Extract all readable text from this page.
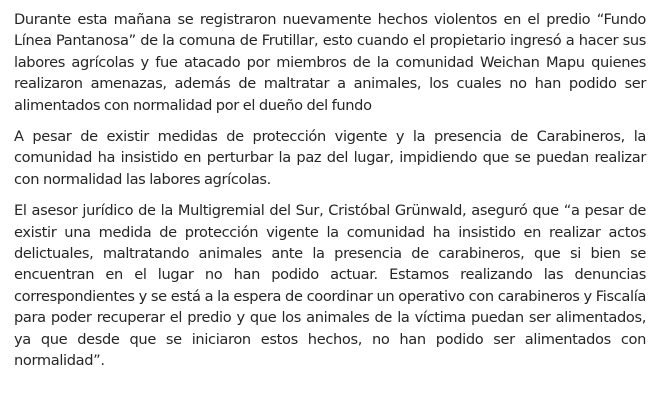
Durante esta mañana se registraron nuevamente hechos violentos en el predio “Fundo Línea Pantanosa” de la comuna de Frutillar, esto cuando el propietario ingresó a hacer sus labores agrícolas y fue atacado por miembros de la comunidad Weichan Mapu quienes realizaron amenazas, además de maltratar a animales, los cuales no han podido ser alimentados con normalidad por el dueño del fundo

A pesar de existir medidas de protección vigente y la presencia de Carabineros, la comunidad ha insistido en perturbar la paz del lugar, impidiendo que se puedan realizar con normalidad las labores agrícolas.

El asesor jurídico de la Multigremial del Sur, Cristóbal Grünwald, aseguró que “a pesar de existir una medida de protección vigente la comunidad ha insistido en realizar actos delictuales, maltratando animales ante la presencia de carabineros, que si bien se encuentran en el lugar no han podido actuar. Estamos realizando las denuncias correspondientes y se está a la espera de coordinar un operativo con carabineros y Fiscalía para poder recuperar el predio y que los animales de la víctima puedan ser alimentados, ya que desde que se iniciaron estos hechos, no han podido ser alimentados con normalidad”.
